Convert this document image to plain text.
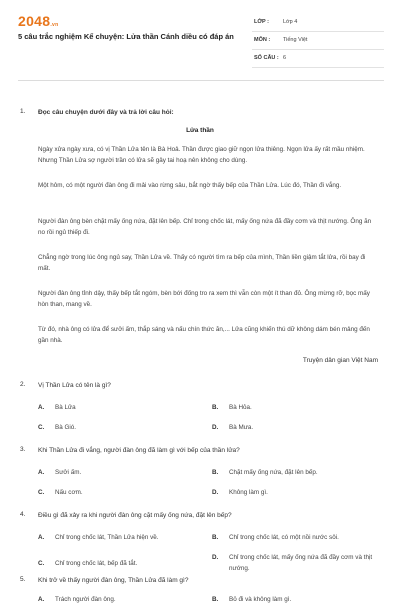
2048.vn
5 câu trắc nghiệm Kể chuyện: Lửa thần Cánh diều có đáp án
LỚP :	Lớp 4
MÔN : Tiếng Việt
SỐ CÂU : 6
1. Đọc câu chuyện dưới đây và trả lời câu hỏi:
Lửa thần
Ngày xửa ngày xưa, có vị Thần Lửa tên là Bà Hoả. Thần được giao giữ ngọn lửa thiêng. Ngọn lửa ấy rất mầu nhiệm. Nhưng Thần Lửa sợ người trần có lửa sẽ gây tai hoạ nên không cho dùng.
Một hôm, có một người đàn ông đi mải vào rừng sâu, bắt ngờ thấy bếp của Thần Lửa. Lúc đó, Thần đi vắng.
Người đàn ông bèn chặt mấy ống nứa, đặt lên bếp. Chỉ trong chốc lát, mấy ống nứa đã đầy cơm và thịt nướng. Ông ăn no rồi ngủ thiếp đi.
Chẳng ngờ trong lúc ông ngủ say, Thần Lửa về. Thấy có người tìm ra bếp của mình, Thần liền giậm tắt lửa, rồi bay đi mất.
Người đàn ông tỉnh dậy, thấy bếp tắt ngóm, bèn bới đống tro ra xem thì vẫn còn một ít than đỏ. Ông mừng rỡ, bọc mấy hòn than, mang về.
Từ đó, nhà ông có lửa để sưởi ấm, thắp sáng và nấu chín thức ăn,... Lửa cũng khiến thú dữ không dám bén mảng đến gần nhà.
Truyện dân gian Việt Nam
2. Vị Thần Lửa có tên là gì?
A. Bà Lửa	B. Bà Hỏa.
C. Bà Gió.	D. Bà Mưa.
3. Khi Thần Lửa đi vắng, người đàn ông đã làm gì với bếp của thần lửa?
A. Sưởi ấm.	B. Chặt mấy ống nứa, đặt lên bếp.
C. Nấu cơm.	D. Không làm gì.
4. Điều gì đã xảy ra khi người đàn ông cặt mấy ống nứa, đặt lên bếp?
A. Chỉ trong chốc lát, Thần Lửa hiện về.	B. Chỉ trong chốc lát, có một nồi nước sôi.
C. Chỉ trong chốc lát, bếp đã tắt.
D. Chỉ trong chốc lát, mấy ống nứa đã đầy cơm và thịt nướng.
5. Khi trở về thấy người đàn ông, Thần Lửa đã làm gì?
A. Trách người đàn ông.	B. Bỏ đi và không làm gì.
